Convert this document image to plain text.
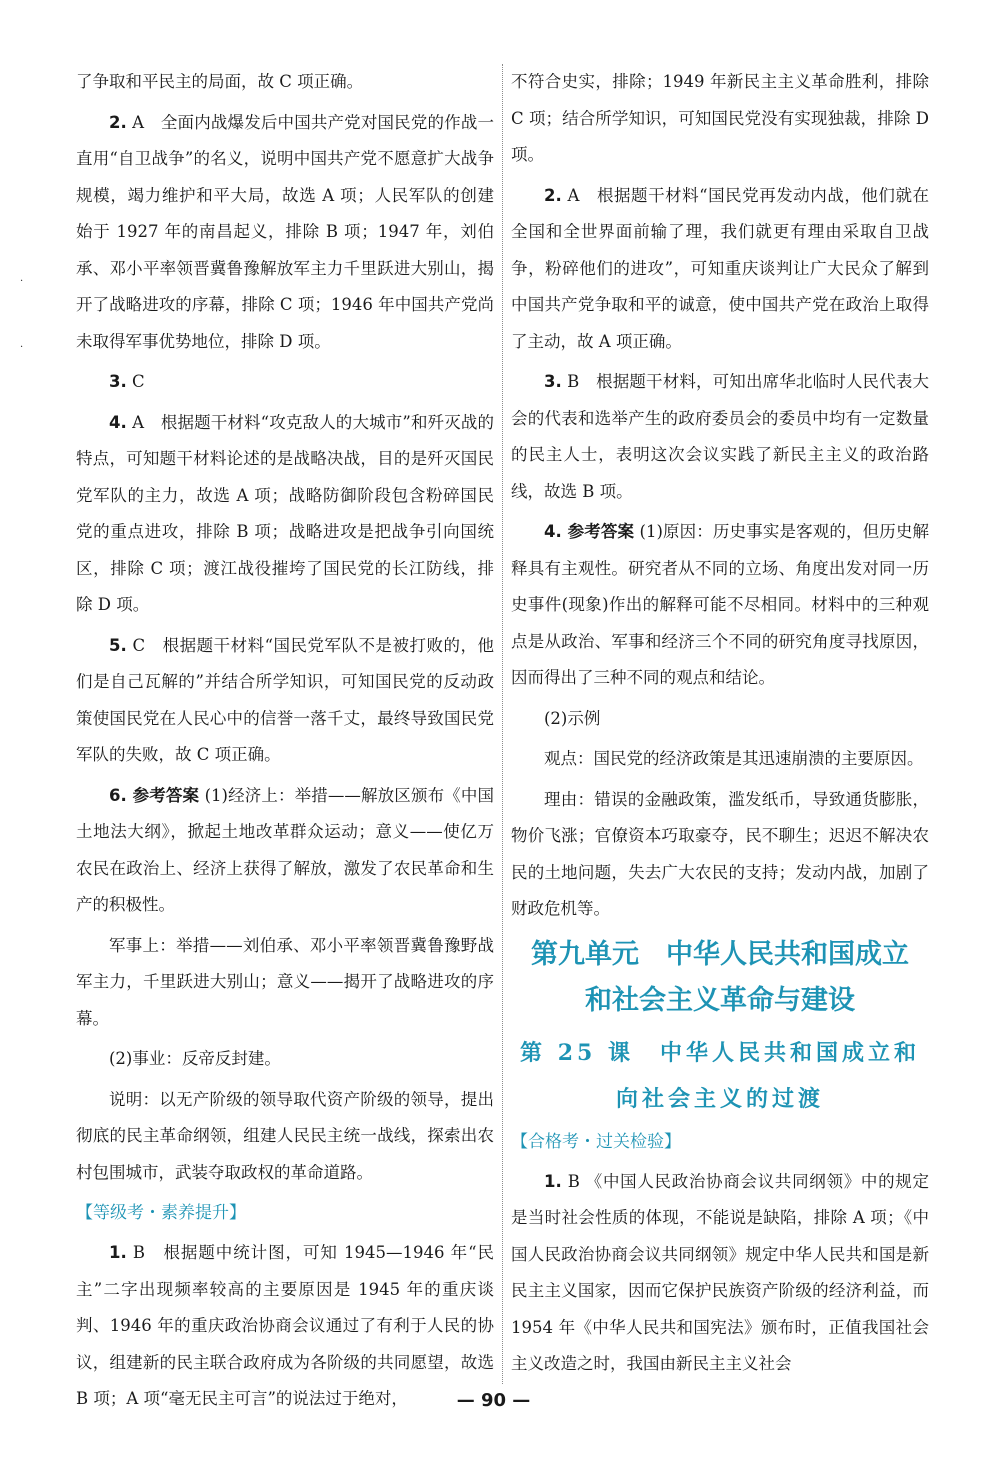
·
·

了争取和平民主的局面，故 C 项正确。

2. A　全面内战爆发后中国共产党对国民党的作战一直用“自卫战争”的名义，说明中国共产党不愿意扩大战争规模，竭力维护和平大局，故选 A 项；人民军队的创建始于 1927 年的南昌起义，排除 B 项；1947 年，刘伯承、邓小平率领晋冀鲁豫解放军主力千里跃进大别山，揭开了战略进攻的序幕，排除 C 项；1946 年中国共产党尚未取得军事优势地位，排除 D 项。

3. C

4. A　根据题干材料“攻克敌人的大城市”和歼灭战的特点，可知题干材料论述的是战略决战，目的是歼灭国民党军队的主力，故选 A 项；战略防御阶段包含粉碎国民党的重点进攻，排除 B 项；战略进攻是把战争引向国统区，排除 C 项；渡江战役摧垮了国民党的长江防线，排除 D 项。

5. C　根据题干材料“国民党军队不是被打败的，他们是自己瓦解的”并结合所学知识，可知国民党的反动政策使国民党在人民心中的信誉一落千丈，最终导致国民党军队的失败，故 C 项正确。

6. 参考答案 (1)经济上：举措——解放区颁布《中国土地法大纲》，掀起土地改革群众运动；意义——使亿万农民在政治上、经济上获得了解放，激发了农民革命和生产的积极性。

军事上：举措——刘伯承、邓小平率领晋冀鲁豫野战军主力，千里跃进大别山；意义——揭开了战略进攻的序幕。

(2)事业：反帝反封建。

说明：以无产阶级的领导取代资产阶级的领导，提出彻底的民主革命纲领，组建人民民主统一战线，探索出农村包围城市，武装夺取政权的革命道路。

【等级考・素养提升】

1. B　根据题中统计图，可知 1945—1946 年“民主”二字出现频率较高的主要原因是 1945 年的重庆谈判、1946 年的重庆政治协商会议通过了有利于人民的协议，组建新的民主联合政府成为各阶级的共同愿望，故选 B 项；A 项“毫无民主可言”的说法过于绝对，

不符合史实，排除；1949 年新民主主义革命胜利，排除 C 项；结合所学知识，可知国民党没有实现独裁，排除 D 项。

2. A　根据题干材料“国民党再发动内战，他们就在全国和全世界面前输了理，我们就更有理由采取自卫战争，粉碎他们的进攻”，可知重庆谈判让广大民众了解到中国共产党争取和平的诚意，使中国共产党在政治上取得了主动，故 A 项正确。

3. B　根据题干材料，可知出席华北临时人民代表大会的代表和选举产生的政府委员会的委员中均有一定数量的民主人士，表明这次会议实践了新民主主义的政治路线，故选 B 项。

4. 参考答案 (1)原因：历史事实是客观的，但历史解释具有主观性。研究者从不同的立场、角度出发对同一历史事件(现象)作出的解释可能不尽相同。材料中的三种观点是从政治、军事和经济三个不同的研究角度寻找原因，因而得出了三种不同的观点和结论。

(2)示例

观点：国民党的经济政策是其迅速崩溃的主要原因。

理由：错误的金融政策，滥发纸币，导致通货膨胀，物价飞涨；官僚资本巧取豪夺，民不聊生；迟迟不解决农民的土地问题，失去广大农民的支持；发动内战，加剧了财政危机等。

第九单元　中华人民共和国成立
和社会主义革命与建设
第 25 课　中华人民共和国成立和
向社会主义的过渡
【合格考・过关检验】

1. B 《中国人民政治协商会议共同纲领》中的规定是当时社会性质的体现，不能说是缺陷，排除 A 项；《中国人民政治协商会议共同纲领》规定中华人民共和国是新民主主义国家，因而它保护民族资产阶级的经济利益，而 1954 年《中华人民共和国宪法》颁布时，正值我国社会主义改造之时，我国由新民主主义社会

— 90 —
